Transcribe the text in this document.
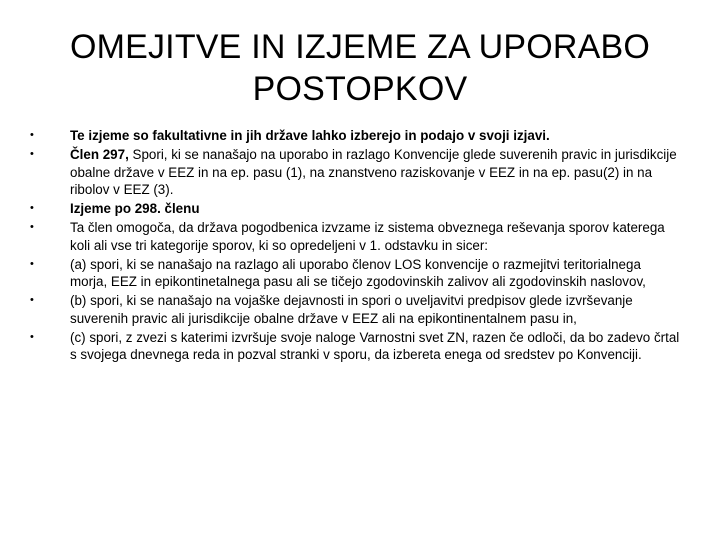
OMEJITVE IN IZJEME ZA UPORABO POSTOPKOV
•	Te izjeme so fakultativne in jih države lahko izberejo in podajo v svoji izjavi.
•	Člen 297, Spori, ki se nanašajo na uporabo in razlago Konvencije glede suverenih pravic in jurisdikcije obalne države v EEZ in na ep. pasu (1), na znanstveno raziskovanje v EEZ in na ep. pasu(2) in na ribolov v EEZ (3).
•	Izjeme po 298. členu
•	Ta člen omogoča, da država pogodbenica izvzame iz sistema obveznega reševanja sporov katerega koli ali vse tri kategorije sporov, ki so opredeljeni v 1. odstavku in sicer:
•	(a) spori, ki se nanašajo na razlago ali uporabo členov LOS konvencije o razmejitvi teritorialnega morja, EEZ in epikontinetalnega pasu ali se tičejo zgodovinskih zalivov ali zgodovinskih naslovov,
•	(b) spori, ki se nanašajo na vojaške dejavnosti in spori o uveljavitvi predpisov glede izvrševanje suverenih pravic ali jurisdikcije obalne države v EEZ ali na epikontinentalnem pasu in,
•	(c) spori, z zvezi s katerimi izvršuje svoje naloge Varnostni svet ZN, razen če odloči, da bo zadevo črtal s svojega dnevnega reda in pozval stranki v sporu, da izbereta enega od sredstev po Konvenciji.
